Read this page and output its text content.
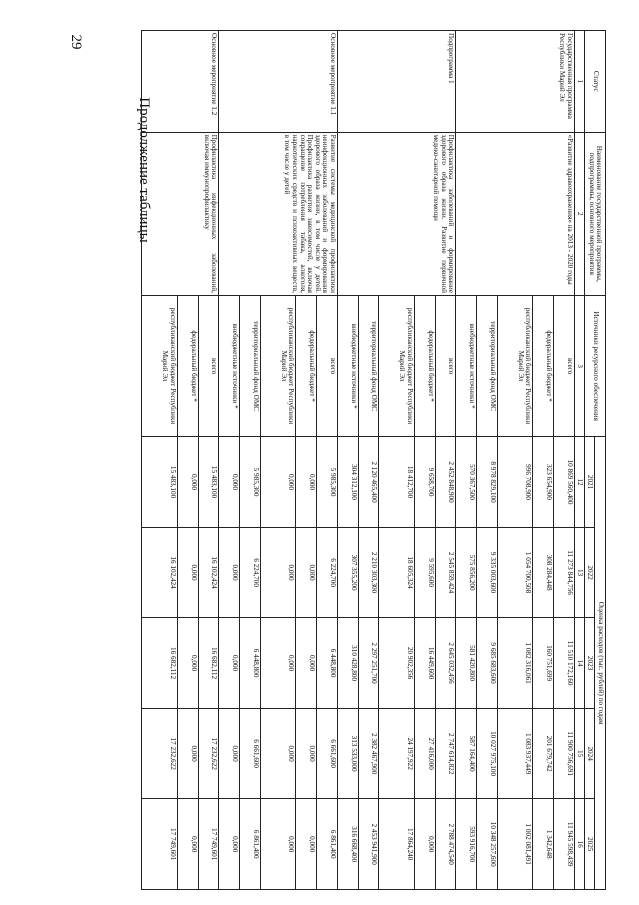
29
Продолжение таблицы
Статус	Наименование государственной программы, подпрограммы, основного мероприятия	Источники ресурсного обеспечения	Оценка расходов (тыс. рублей) по годам				
			2021	2022	2023	2024	2025
1	2	3	12	13	14	15	16
Государственная программа Республики Марий Эл	«Развитие здравоохранения» на 2013 - 2020 годы	всего	10 869 560,400	11 273 844,756	11 510 172,160	11 900 756,691	11 945 598,439
		федеральный бюджет *	323 654,900	308 284,448	160 751,699	201 679,742	1 342,648
		республиканский бюджет Республики Марий Эл	996 708,900	1 054 700,508	1 082 316,061	1 083 937,449	1 002 081,491
		территориальный фонд ОМС	8 978 829,100	9 335 003,600	9 685 683,600	10 027 975,100	10 348 257,600
		внебюджетные источники *	570 367,500	575 856,200	581 420,800	587 164,400	593 916,700
Подпрограмма 1	Профилактика заболеваний и формирование здорового образа жизни. Развитие первичной медико-санитарной помощи	всего	2 452 848,900	2 545 859,424	2 645 032,456	2 747 614,822	2 788 474,540
		федеральный бюджет *	9 658,700	9 595,600	16 449,600	27 416,000	0,000
		республиканский бюджет Республики Марий Эл	18 412,700	18 605,324	20 902,356	24 197,922	17 864,240
		территориальный фонд ОМС	2 120 465,400	2 210 303,300	2 297 251,700	2 382 467,900	2 453 941,900
		внебюджетные источники *	304 312,100	307 355,200	310 428,800	313 533,000	316 668,400
Основное мероприятие 1.1	Развитие системы медицинской профилактики неинфекционных заболеваний и формирования здорового образа жизни, в том числе у детей. Профилактика развития зависимостей, включая сокращение потребления табака, алкоголя, наркотических средств и психоактивных веществ, в том числе у детей	всего	5 985,300	6 224,700	6 448,800	6 661,600	6 861,400
		федеральный бюджет *	0,000	0,000	0,000	0,000	0,000
		республиканский бюджет Республики Марий Эл	0,000	0,000	0,000	0,000	0,000
		территориальный фонд ОМС	5 985,300	6 224,700	6 448,800	6 661,600	6 861,400
		внебюджетные источники *	0,000	0,000	0,000	0,000	0,000
Основное мероприятие 1.2	Профилактика инфекционных заболеваний, включая иммунопрофилактику	всего	15 483,100	16 102,424	16 682,112	17 232,622	17 749,601
		федеральный бюджет *	0,000	0,000	0,000	0,000	0,000
		республиканский бюджет Республики Марий Эл	15 483,100	16 102,424	16 682,112	17 232,622	17 749,601
